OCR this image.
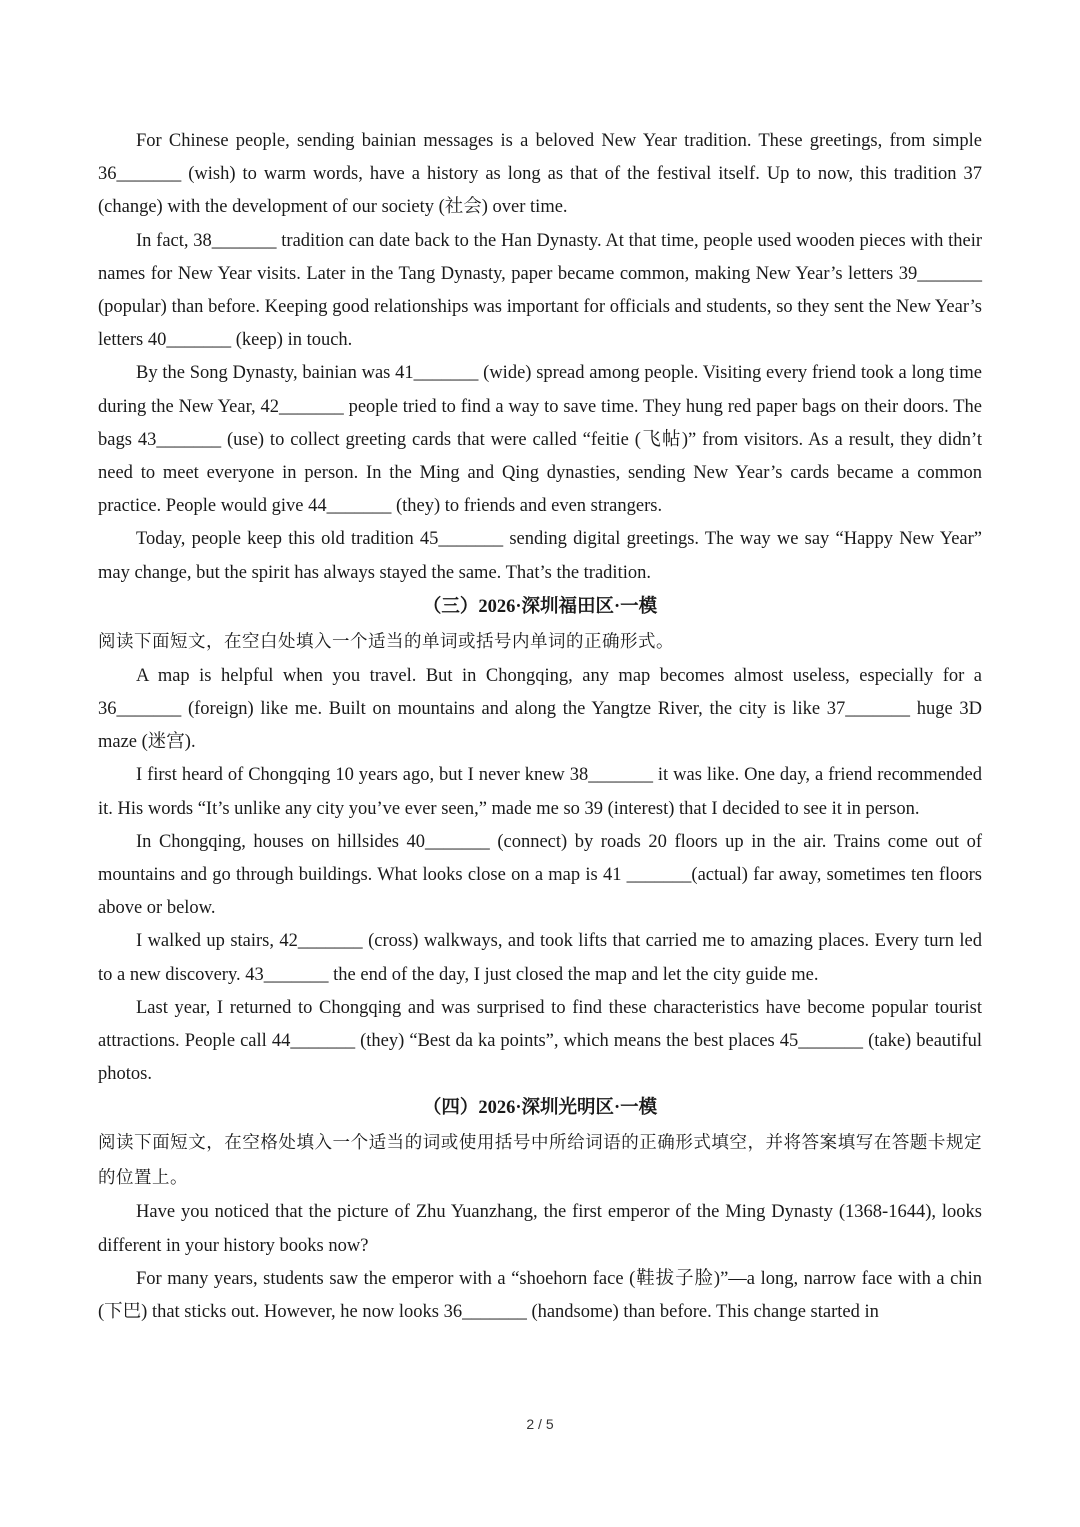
For Chinese people, sending bainian messages is a beloved New Year tradition. These greetings, from simple 36_______ (wish) to warm words, have a history as long as that of the festival itself. Up to now, this tradition 37 (change) with the development of our society (社会) over time.

In fact, 38_______ tradition can date back to the Han Dynasty. At that time, people used wooden pieces with their names for New Year visits. Later in the Tang Dynasty, paper became common, making New Year’s letters 39_______ (popular) than before. Keeping good relationships was important for officials and students, so they sent the New Year’s letters 40_______ (keep) in touch.

By the Song Dynasty, bainian was 41_______ (wide) spread among people. Visiting every friend took a long time during the New Year, 42_______ people tried to find a way to save time. They hung red paper bags on their doors. The bags 43_______ (use) to collect greeting cards that were called “feitie (飞帖)” from visitors. As a result, they didn’t need to meet everyone in person. In the Ming and Qing dynasties, sending New Year’s cards became a common practice. People would give 44_______ (they) to friends and even strangers.

Today, people keep this old tradition 45_______ sending digital greetings. The way we say “Happy New Year” may change, but the spirit has always stayed the same. That’s the tradition.

（三）2026·深圳福田区·一模

阅读下面短文，在空白处填入一个适当的单词或括号内单词的正确形式。

A map is helpful when you travel. But in Chongqing, any map becomes almost useless, especially for a 36_______ (foreign) like me. Built on mountains and along the Yangtze River, the city is like 37_______ huge 3D maze (迷宫).

I first heard of Chongqing 10 years ago, but I never knew 38_______ it was like. One day, a friend recommended it. His words “It’s unlike any city you’ve ever seen,” made me so 39 (interest) that I decided to see it in person.

In Chongqing, houses on hillsides 40_______ (connect) by roads 20 floors up in the air. Trains come out of mountains and go through buildings. What looks close on a map is 41 _______(actual) far away, sometimes ten floors above or below.

I walked up stairs, 42_______ (cross) walkways, and took lifts that carried me to amazing places. Every turn led to a new discovery. 43_______ the end of the day, I just closed the map and let the city guide me.

Last year, I returned to Chongqing and was surprised to find these characteristics have become popular tourist attractions. People call 44_______ (they) “Best da ka points”, which means the best places 45_______ (take) beautiful photos.

（四）2026·深圳光明区·一模

阅读下面短文，在空格处填入一个适当的词或使用括号中所给词语的正确形式填空，并将答案填写在答题卡规定的位置上。

Have you noticed that the picture of Zhu Yuanzhang, the first emperor of the Ming Dynasty (1368-1644), looks different in your history books now?

For many years, students saw the emperor with a “shoehorn face (鞋拔子脸)”—a long, narrow face with a chin (下巴) that sticks out. However, he now looks 36_______ (handsome) than before. This change started in

2 / 5
